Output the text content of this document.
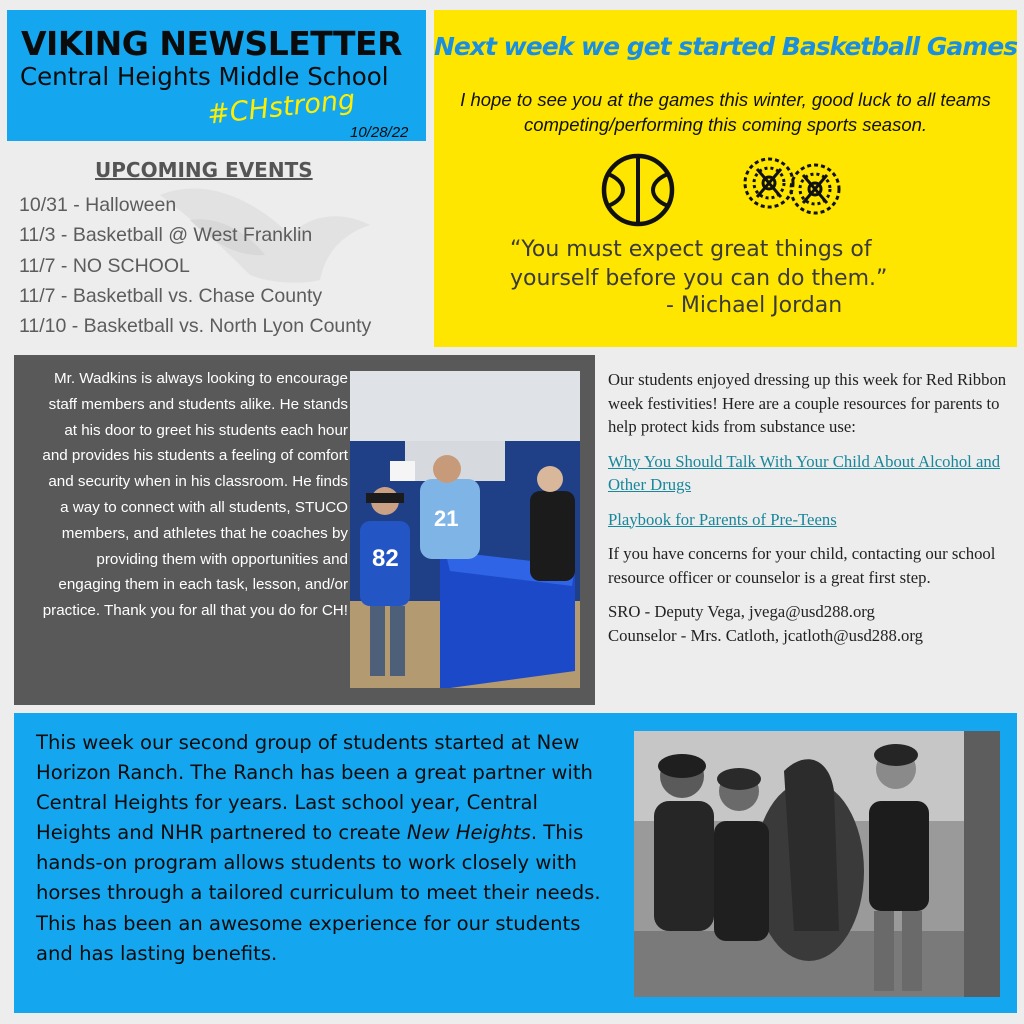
VIKING NEWSLETTER
Central Heights Middle School
#CHstrong
10/28/22
UPCOMING EVENTS
10/31 - Halloween
11/3 - Basketball @ West Franklin
11/7 - NO SCHOOL
11/7 - Basketball vs. Chase County
11/10 - Basketball vs. North Lyon County
Next week we get started Basketball Games
I hope to see you at the games this winter, good luck to all teams competing/performing this coming sports season.
“You must expect great things of
yourself before you can do them.”
- Michael Jordan
Mr. Wadkins is always looking to encourage staff members and students alike. He stands at his door to greet his students each hour and provides his students a feeling of comfort and security when in his classroom. He finds a way to connect with all students, STUCO members, and athletes that he coaches by providing them with opportunities and engaging them in each task, lesson, and/or practice. Thank you for all that you do for CH!
82
21

Our students enjoyed dressing up this week for Red Ribbon week festivities! Here are a couple resources for parents to help protect kids from substance use:

Why You Should Talk With Your Child About Alcohol and Other Drugs

Playbook for Parents of Pre-Teens

If you have concerns for your child, contacting our school resource officer or counselor is a great first step.

SRO - Deputy Vega, jvega@usd288.org
Counselor - Mrs. Catloth, jcatloth@usd288.org
This week our second group of students started at New Horizon Ranch. The Ranch has been a great partner with Central Heights for years. Last school year, Central Heights and NHR partnered to create New Heights. This hands-on program allows students to work closely with horses through a tailored curriculum to meet their needs. This has been an awesome experience for our students and has lasting benefits.
